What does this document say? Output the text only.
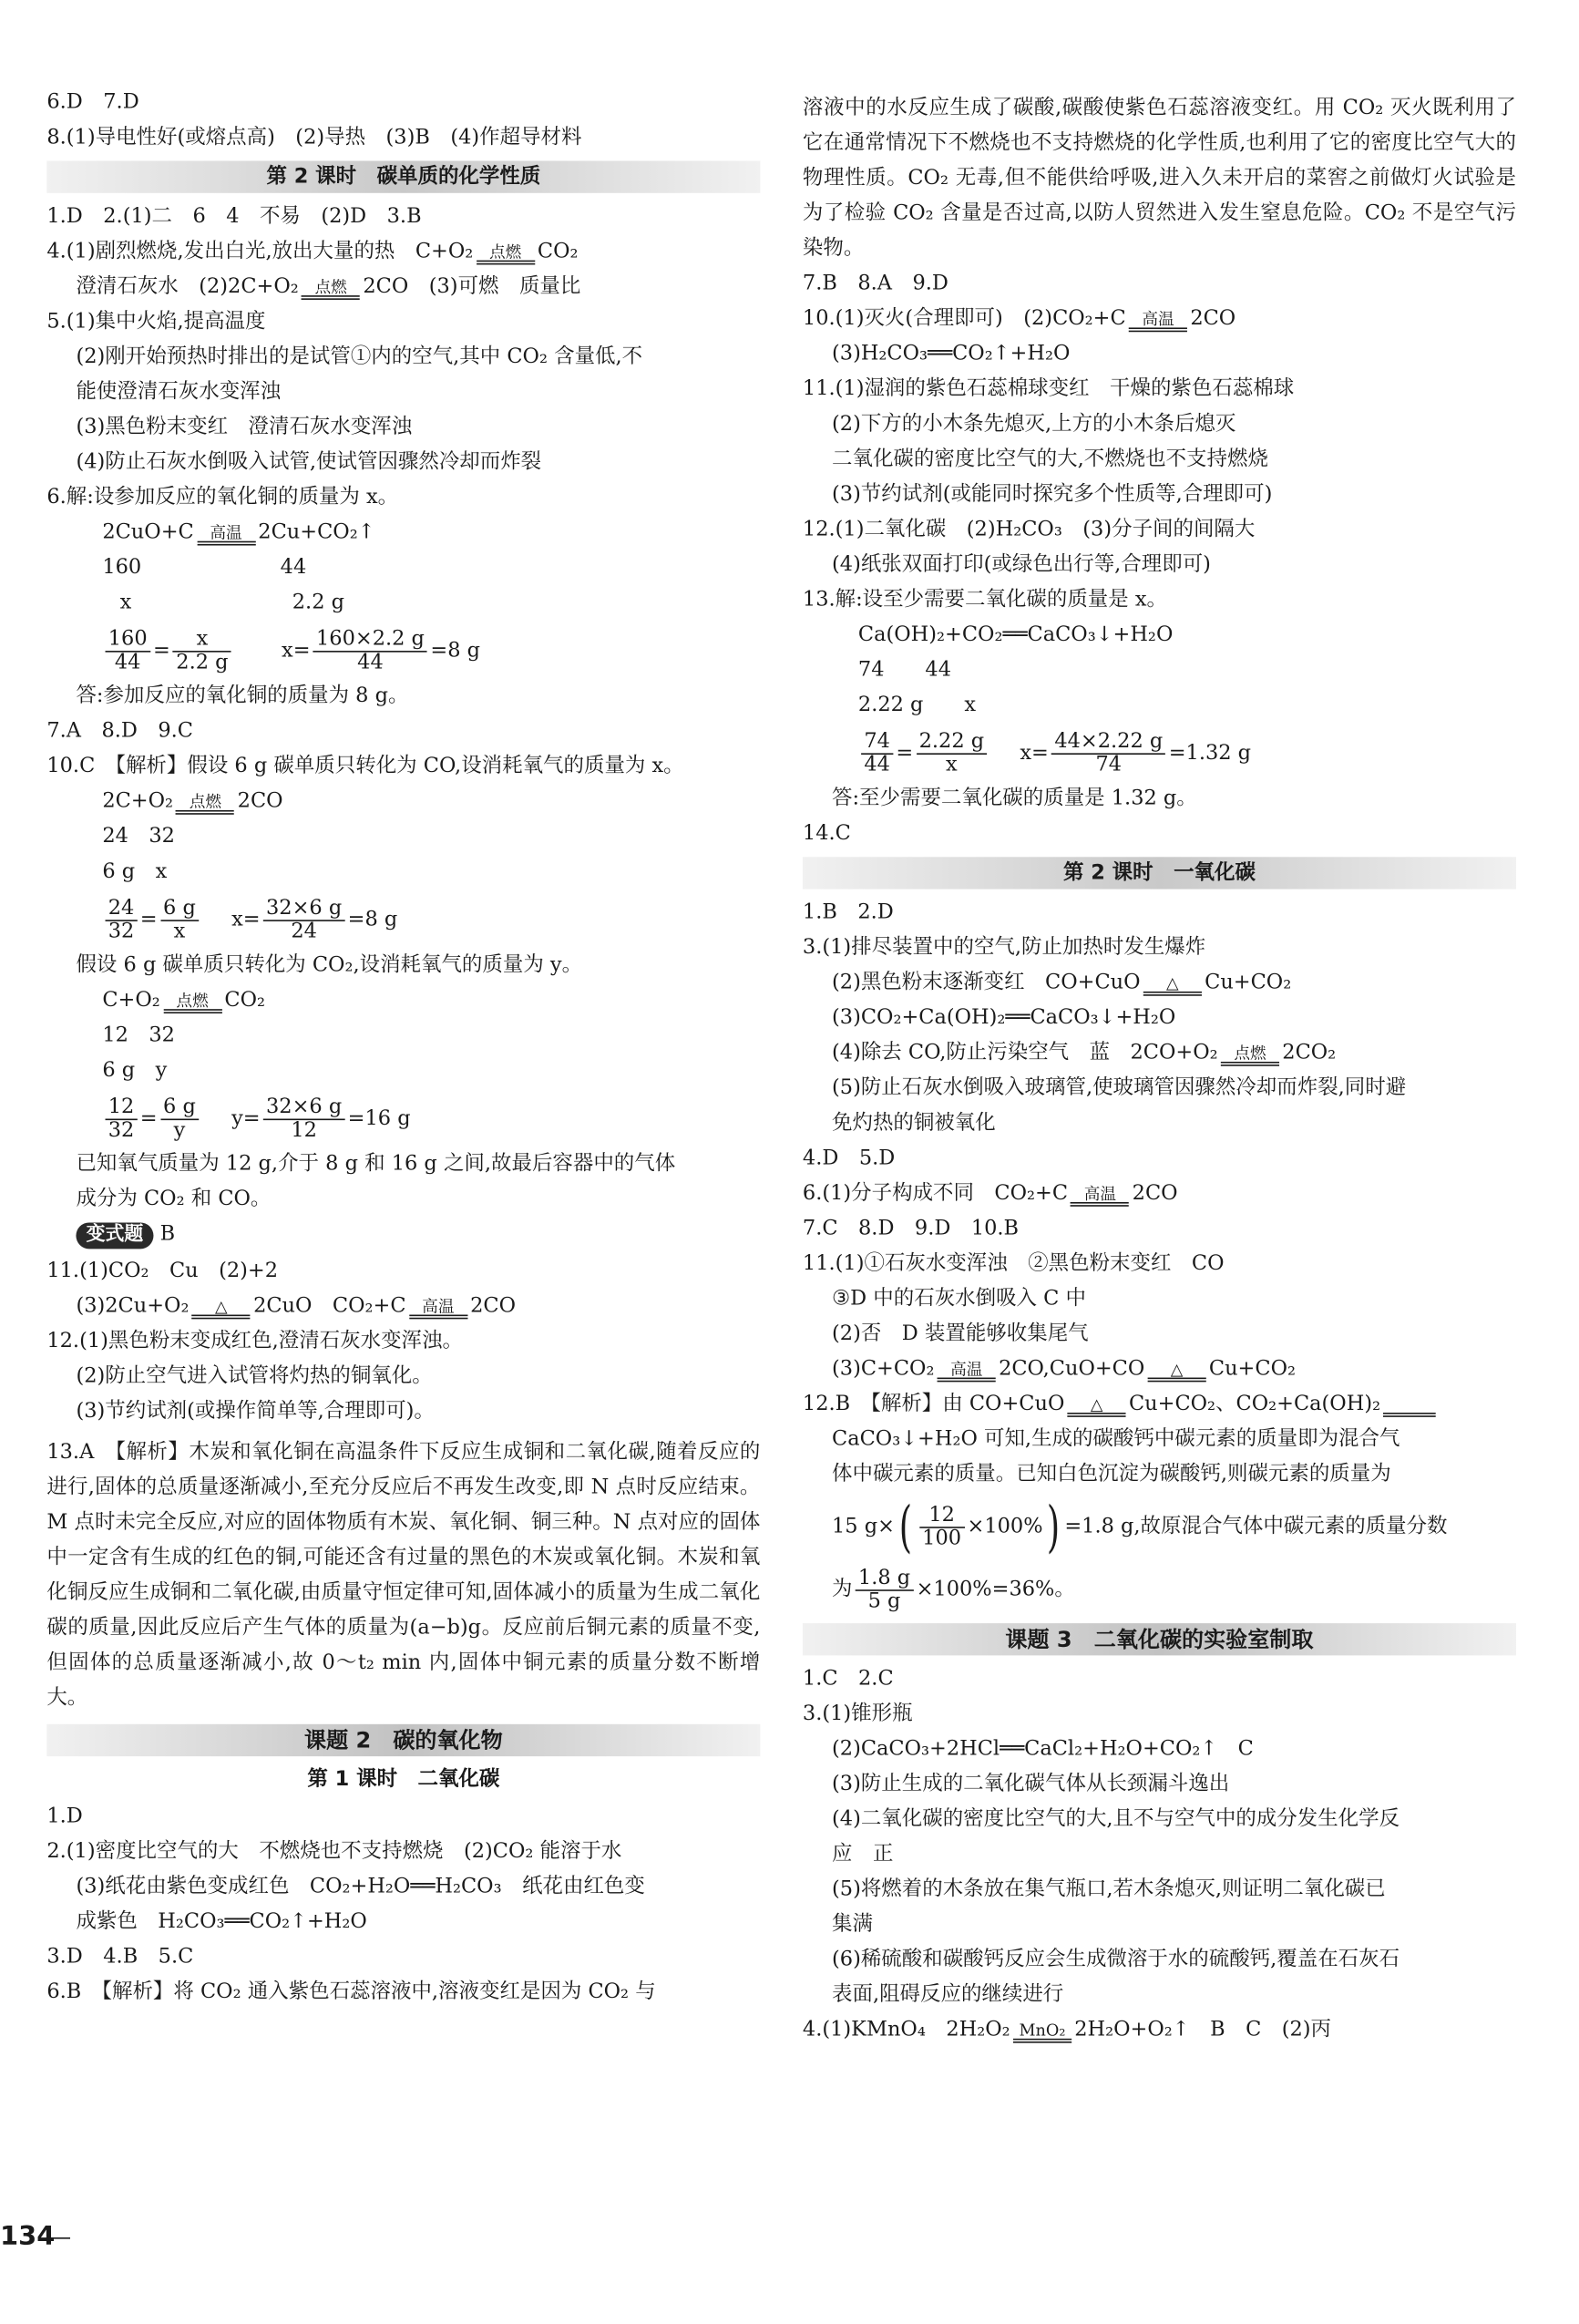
6.D　7.D
8.(1)导电性好(或熔点高)　(2)导热　(3)B　(4)作超导材料
第 2 课时　碳单质的化学性质
1.D　2.(1)二　6　4　不易　(2)D　3.B
4.(1)剧烈燃烧,发出白光,放出大量的热　C+O₂	点燃	CO₂
澄清石灰水　(2)2C+O₂	点燃	2CO　(3)可燃　质量比
5.(1)集中火焰,提高温度
(2)刚开始预热时排出的是试管①内的空气,其中 CO₂ 含量低,不
能使澄清石灰水变浑浊
(3)黑色粉末变红　澄清石灰水变浑浊
(4)防止石灰水倒吸入试管,使试管因骤然冷却而炸裂
6.解:设参加反应的氧化铜的质量为 x。
2CuO+C	高温	2Cu+CO₂↑
160	44
x	2.2 g
$\frac{160}{44} = \frac{x}{2.2 g}$	$x= \frac{160\times 2.2 g}{44} =8$ g
答:参加反应的氧化铜的质量为 8 g。
7.A　8.D　9.C
10.C　【解析】假设 6 g 碳单质只转化为 CO,设消耗氧气的质量为 x。
2C+O₂	点燃	2CO
24　32
6 g　x
$\frac{24}{32} = \frac{6 g}{x}$	$x= \frac{32\times 6 g}{24} =8$ g
假设 6 g 碳单质只转化为 CO₂,设消耗氧气的质量为 y。
C+O₂	点燃	CO₂
12　32
6 g　y
$\frac{12}{32} = \frac{6 g}{y}$	$y= \frac{32\times 6 g}{12} =16$ g
已知氧气质量为 12 g,介于 8 g 和 16 g 之间,故最后容器中的气体
成分为 CO₂ 和 CO。
变式题 B
11.(1)CO₂　Cu　(2)+2
(3)2Cu+O₂	△	2CuO　CO₂+C	高温	2CO
12.(1)黑色粉末变成红色,澄清石灰水变浑浊。
(2)防止空气进入试管将灼热的铜氧化。
(3)节约试剂(或操作简单等,合理即可)。
13.A　【解析】木炭和氧化铜在高温条件下反应生成铜和二氧化碳,随着反应的进行,固体的总质量逐渐减小,至充分反应后不再发生改变,即 N 点时反应结束。M 点时未完全反应,对应的固体物质有木炭、氧化铜、铜三种。N 点对应的固体中一定含有生成的红色的铜,可能还含有过量的黑色的木炭或氧化铜。木炭和氧化铜反应生成铜和二氧化碳,由质量守恒定律可知,固体减小的质量为生成二氧化碳的质量,因此反应后产生气体的质量为(a−b)g。反应前后铜元素的质量不变,但固体的总质量逐渐减小,故 0～t₂ min 内,固体中铜元素的质量分数不断增大。
课题 2　碳的氧化物
第 1 课时　二氧化碳
1.D
2.(1)密度比空气的大　不燃烧也不支持燃烧　(2)CO₂ 能溶于水
(3)纸花由紫色变成红色　CO₂+H₂O══H₂CO₃　纸花由红色变
成紫色　H₂CO₃══CO₂↑+H₂O
3.D　4.B　5.C
6.B　【解析】将 CO₂ 通入紫色石蕊溶液中,溶液变红是因为 CO₂ 与
溶液中的水反应生成了碳酸,碳酸使紫色石蕊溶液变红。用 CO₂ 灭火既利用了它在通常情况下不燃烧也不支持燃烧的化学性质,也利用了它的密度比空气大的物理性质。CO₂ 无毒,但不能供给呼吸,进入久未开启的菜窖之前做灯火试验是为了检验 CO₂ 含量是否过高,以防人贸然进入发生窒息危险。CO₂ 不是空气污染物。
7.B　8.A　9.D
10.(1)灭火(合理即可)　(2)CO₂+C	高温	2CO
(3)H₂CO₃══CO₂↑+H₂O
11.(1)湿润的紫色石蕊棉球变红　干燥的紫色石蕊棉球
(2)下方的小木条先熄灭,上方的小木条后熄灭
二氧化碳的密度比空气的大,不燃烧也不支持燃烧
(3)节约试剂(或能同时探究多个性质等,合理即可)
12.(1)二氧化碳　(2)H₂CO₃　(3)分子间的间隔大
(4)纸张双面打印(或绿色出行等,合理即可)
13.解:设至少需要二氧化碳的质量是 x。
Ca(OH)₂+CO₂══CaCO₃↓+H₂O
74　　44
2.22 g　　x
$\frac{74}{44} = \frac{2.22 g}{x}$	$x= \frac{44\times 2.22 g}{74} =1.32$ g
答:至少需要二氧化碳的质量是 1.32 g。
14.C
第 2 课时　一氧化碳
1.B　2.D
3.(1)排尽装置中的空气,防止加热时发生爆炸
(2)黑色粉末逐渐变红　CO+CuO	△	Cu+CO₂
(3)CO₂+Ca(OH)₂══CaCO₃↓+H₂O
(4)除去 CO,防止污染空气　蓝　2CO+O₂	点燃	2CO₂
(5)防止石灰水倒吸入玻璃管,使玻璃管因骤然冷却而炸裂,同时避
免灼热的铜被氧化
4.D　5.D
6.(1)分子构成不同　CO₂+C	高温	2CO
7.C　8.D　9.D　10.B
11.(1)①石灰水变浑浊　②黑色粉末变红　CO
③D 中的石灰水倒吸入 C 中
(2)否　D 装置能够收集尾气
(3)C+CO₂	高温	2CO,CuO+CO	△	Cu+CO₂
12.B　【解析】由 CO+CuO	△	Cu+CO₂、CO₂+Ca(OH)₂
CaCO₃↓+H₂O 可知,生成的碳酸钙中碳元素的质量即为混合气
体中碳元素的质量。已知白色沉淀为碳酸钙,则碳元素的质量为
15 g× ( $\frac{12}{100} \times 100\%$ ) =1.8 g,故原混合气体中碳元素的质量分数
为 $\frac{1.8 g}{5 g} \times 100\%=36\%$。
课题 3　二氧化碳的实验室制取
1.C　2.C
3.(1)锥形瓶
(2)CaCO₃+2HCl══CaCl₂+H₂O+CO₂↑　C
(3)防止生成的二氧化碳气体从长颈漏斗逸出
(4)二氧化碳的密度比空气的大,且不与空气中的成分发生化学反
应　正
(5)将燃着的木条放在集气瓶口,若木条熄灭,则证明二氧化碳已
集满
(6)稀硫酸和碳酸钙反应会生成微溶于水的硫酸钙,覆盖在石灰石
表面,阻碍反应的继续进行
4.(1)KMnO₄　2H₂O₂ MnO₂ 2H₂O+O₂↑　B　C　(2)丙
134
